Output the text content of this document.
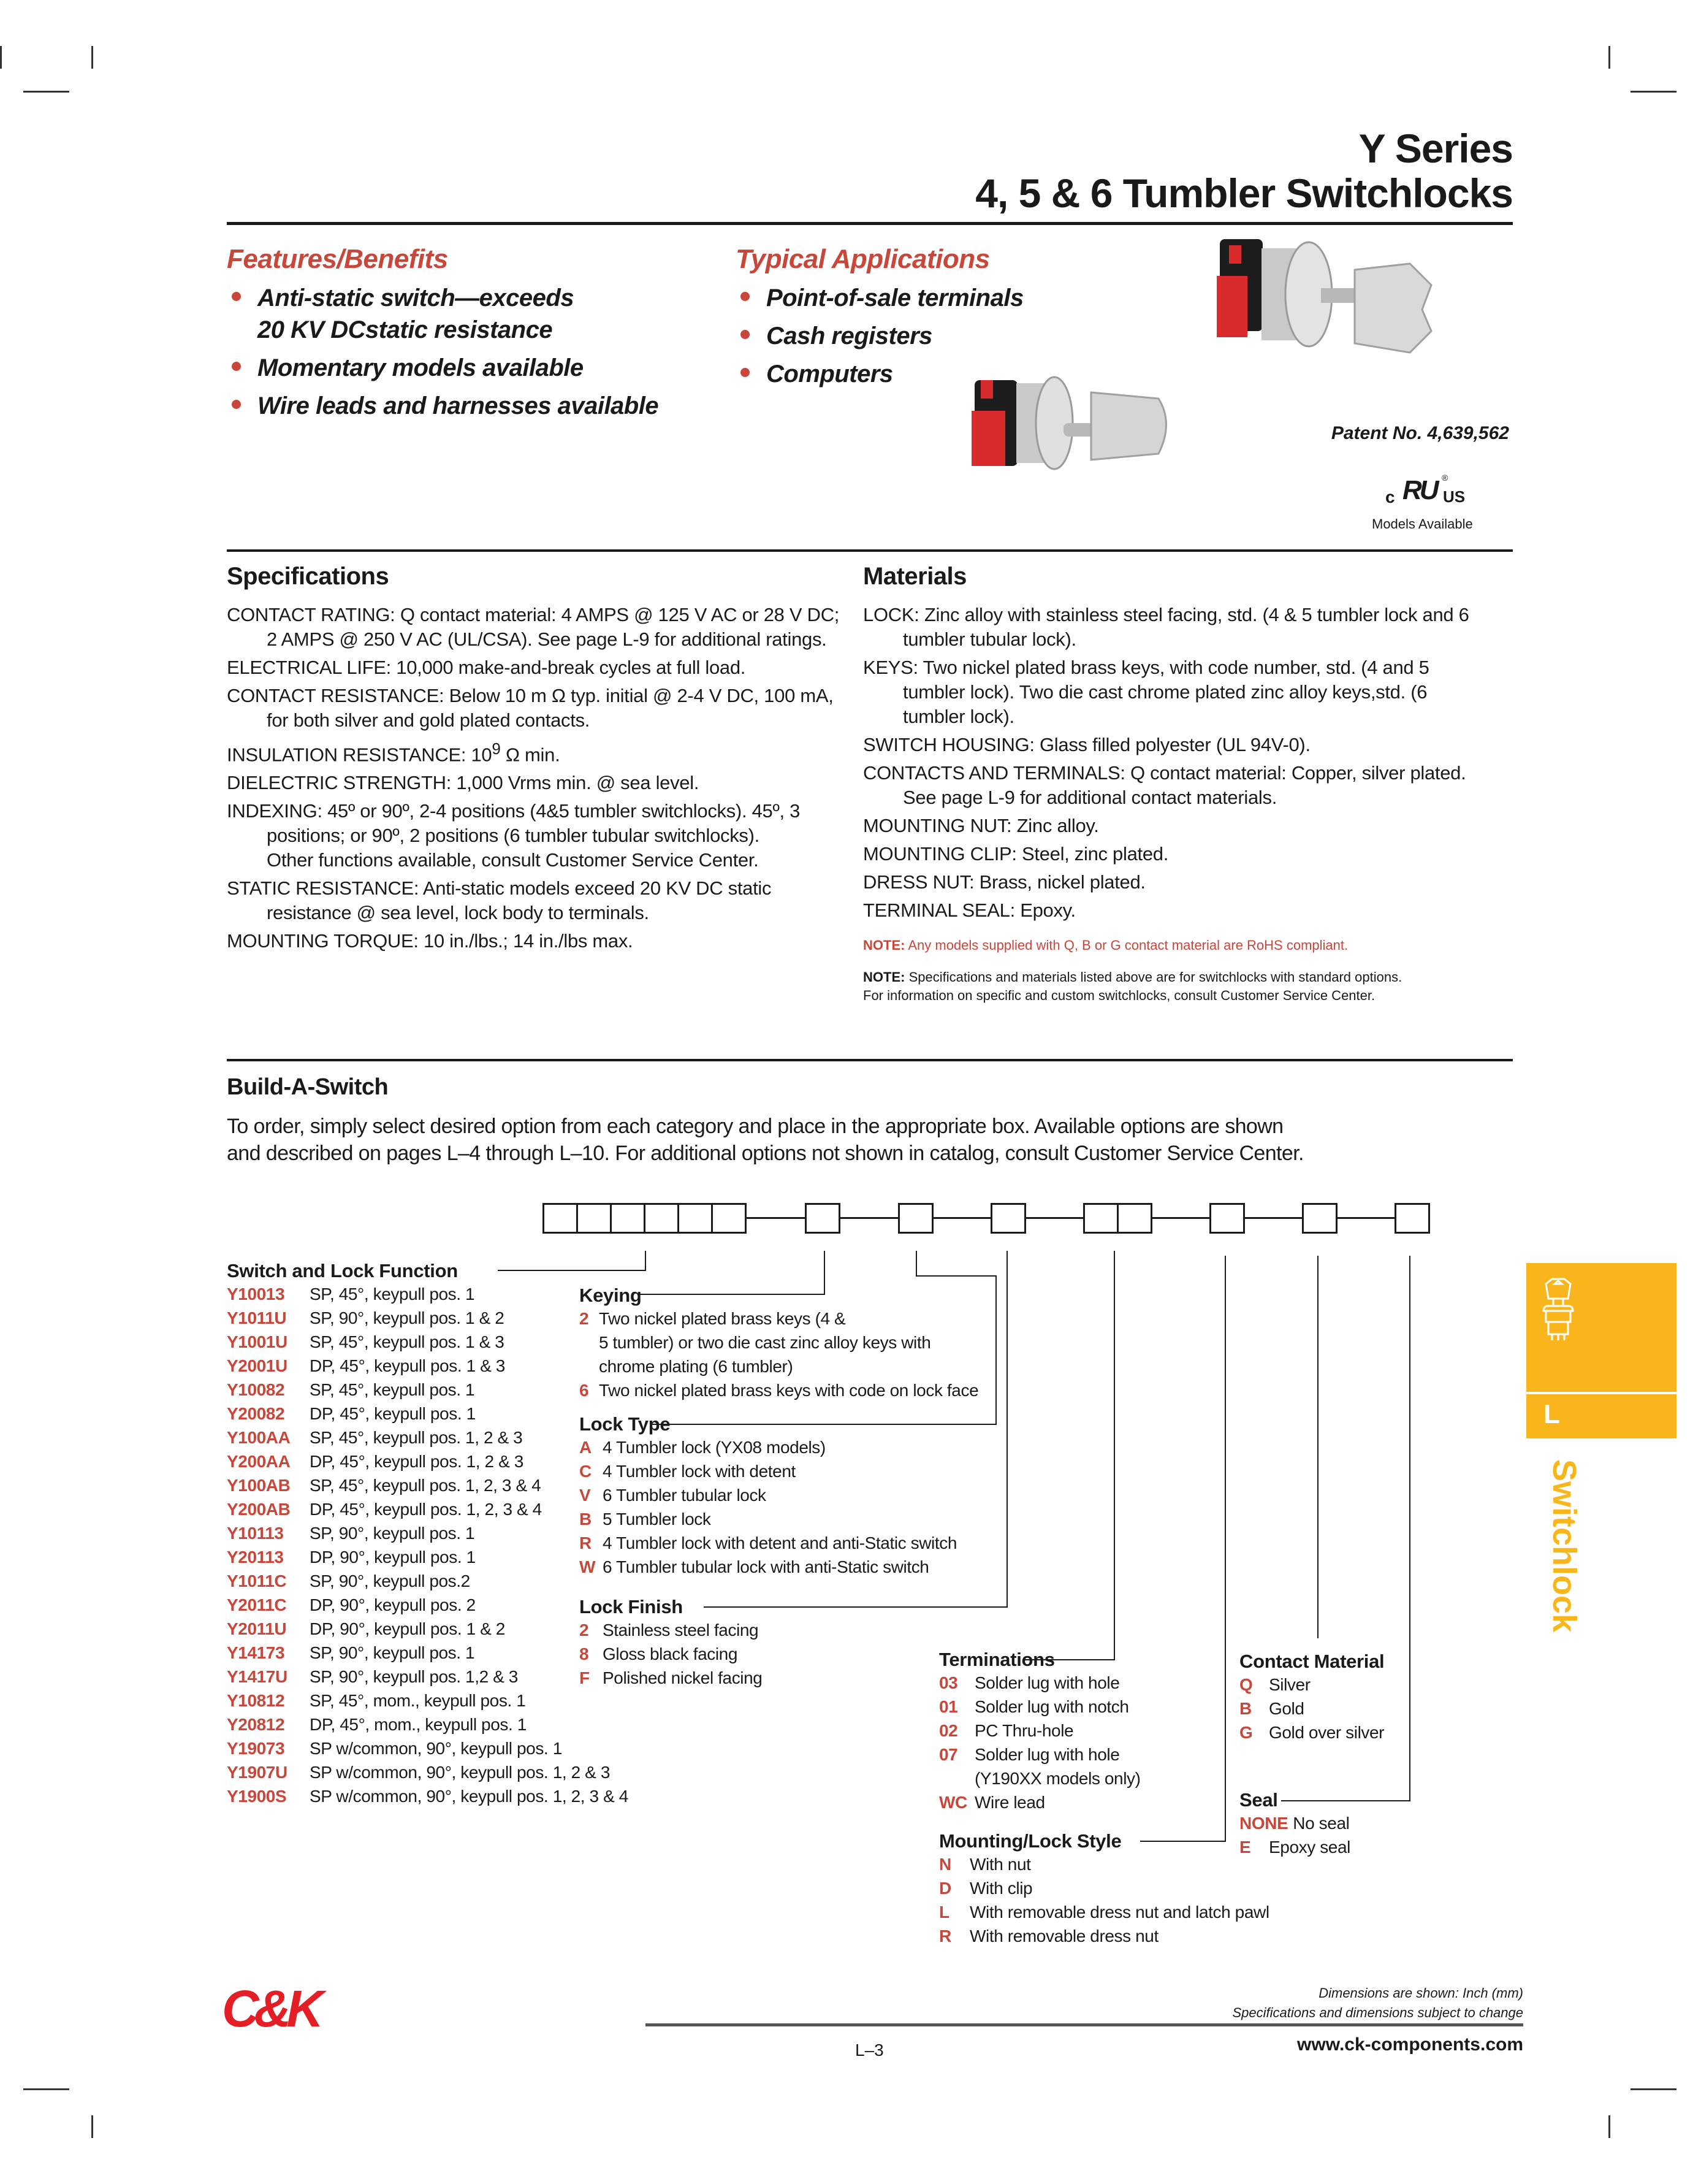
Y Series
4, 5 & 6 Tumbler Switchlocks
Features/Benefits
Anti-static switch—exceeds
20 KV DCstatic resistance
Momentary models available
Wire leads and harnesses available
Typical Applications
Point-of-sale terminals
Cash registers
Computers
Patent No. 4,639,562
c RU ®
US
Models Available
Specifications
CONTACT RATING: Q contact material: 4 AMPS @ 125 V AC or 28 V DC; 2 AMPS @ 250 V AC (UL/CSA). See page L-9 for additional ratings.
ELECTRICAL LIFE: 10,000 make-and-break cycles at full load.
CONTACT RESISTANCE: Below 10 m Ω typ. initial @ 2-4 V DC, 100 mA, for both silver and gold plated contacts.
INSULATION RESISTANCE: $10^9$ Ω min.
DIELECTRIC STRENGTH: 1,000 Vrms min. @ sea level.
INDEXING: 45º or 90º, 2-4 positions (4&5 tumbler switchlocks). 45º, 3 positions; or 90º, 2 positions (6 tumbler tubular switchlocks).
Other functions available, consult Customer Service Center.
STATIC RESISTANCE: Anti-static models exceed 20 KV DC static resistance @ sea level, lock body to terminals.
MOUNTING TORQUE: 10 in./lbs.; 14 in./lbs max.
Materials
LOCK: Zinc alloy with stainless steel facing, std. (4 & 5 tumbler lock and 6 tumbler tubular lock).
KEYS: Two nickel plated brass keys, with code number, std. (4 and 5 tumbler lock). Two die cast chrome plated zinc alloy keys,std. (6 tumbler lock).
SWITCH HOUSING: Glass filled polyester (UL 94V-0).
CONTACTS AND TERMINALS: Q contact material: Copper, silver plated. See page L-9 for additional contact materials.
MOUNTING NUT: Zinc alloy.
MOUNTING CLIP: Steel, zinc plated.
DRESS NUT: Brass, nickel plated.
TERMINAL SEAL: Epoxy.
NOTE: Any models supplied with Q, B or G contact material are RoHS compliant.
NOTE: Specifications and materials listed above are for switchlocks with standard options.
For information on specific and custom switchlocks, consult Customer Service Center.
Build-A-Switch
To order, simply select desired option from each category and place in the appropriate box. Available options are shown
and described on pages L–4 through L–10. For additional options not shown in catalog, consult Customer Service Center.
Switch and Lock Function
Y10013 SP, 45°, keypull pos. 1
Y1011U SP, 90°, keypull pos. 1 & 2
Y1001U SP, 45°, keypull pos. 1 & 3
Y2001U DP, 45°, keypull pos. 1 & 3
Y10082 SP, 45°, keypull pos. 1
Y20082 DP, 45°, keypull pos. 1
Y100AA SP, 45°, keypull pos. 1, 2 & 3
Y200AA DP, 45°, keypull pos. 1, 2 & 3
Y100AB SP, 45°, keypull pos. 1, 2, 3 & 4
Y200AB DP, 45°, keypull pos. 1, 2, 3 & 4
Y10113 SP, 90°, keypull pos. 1
Y20113 DP, 90°, keypull pos. 1
Y1011C SP, 90°, keypull pos.2
Y2011C DP, 90°, keypull pos. 2
Y2011U DP, 90°, keypull pos. 1 & 2
Y14173 SP, 90°, keypull pos. 1
Y1417U SP, 90°, keypull pos. 1,2 & 3
Y10812 SP, 45°, mom., keypull pos. 1
Y20812 DP, 45°, mom., keypull pos. 1
Y19073 SP w/common, 90°, keypull pos. 1
Y1907U SP w/common, 90°, keypull pos. 1, 2 & 3
Y1900S SP w/common, 90°, keypull pos. 1, 2, 3 & 4
Keying
2 Two nickel plated brass keys (4 &
5 tumbler) or two die cast zinc alloy keys with
chrome plating (6 tumbler)
6 Two nickel plated brass keys with code on lock face
Lock Type
A 4 Tumbler lock (YX08 models)
C 4 Tumbler lock with detent
V 6 Tumbler tubular lock
B 5 Tumbler lock
R 4 Tumbler lock with detent and anti-Static switch
W 6 Tumbler tubular lock with anti-Static switch
Lock Finish
2 Stainless steel facing
8 Gloss black facing
F Polished nickel facing
Terminations
03 Solder lug with hole
01 Solder lug with notch
02 PC Thru-hole
07 Solder lug with hole
(Y190XX models only)
WC Wire lead
Mounting/Lock Style
N With nut
D With clip
L With removable dress nut and latch pawl
R With removable dress nut
Contact Material
Q Silver
B Gold
G Gold over silver
Seal
NONE No seal
E Epoxy seal
L
Switchlock
C&K	Dimensions are shown: Inch (mm)
Specifications and dimensions subject to change
L–3	www.ck-components.com
